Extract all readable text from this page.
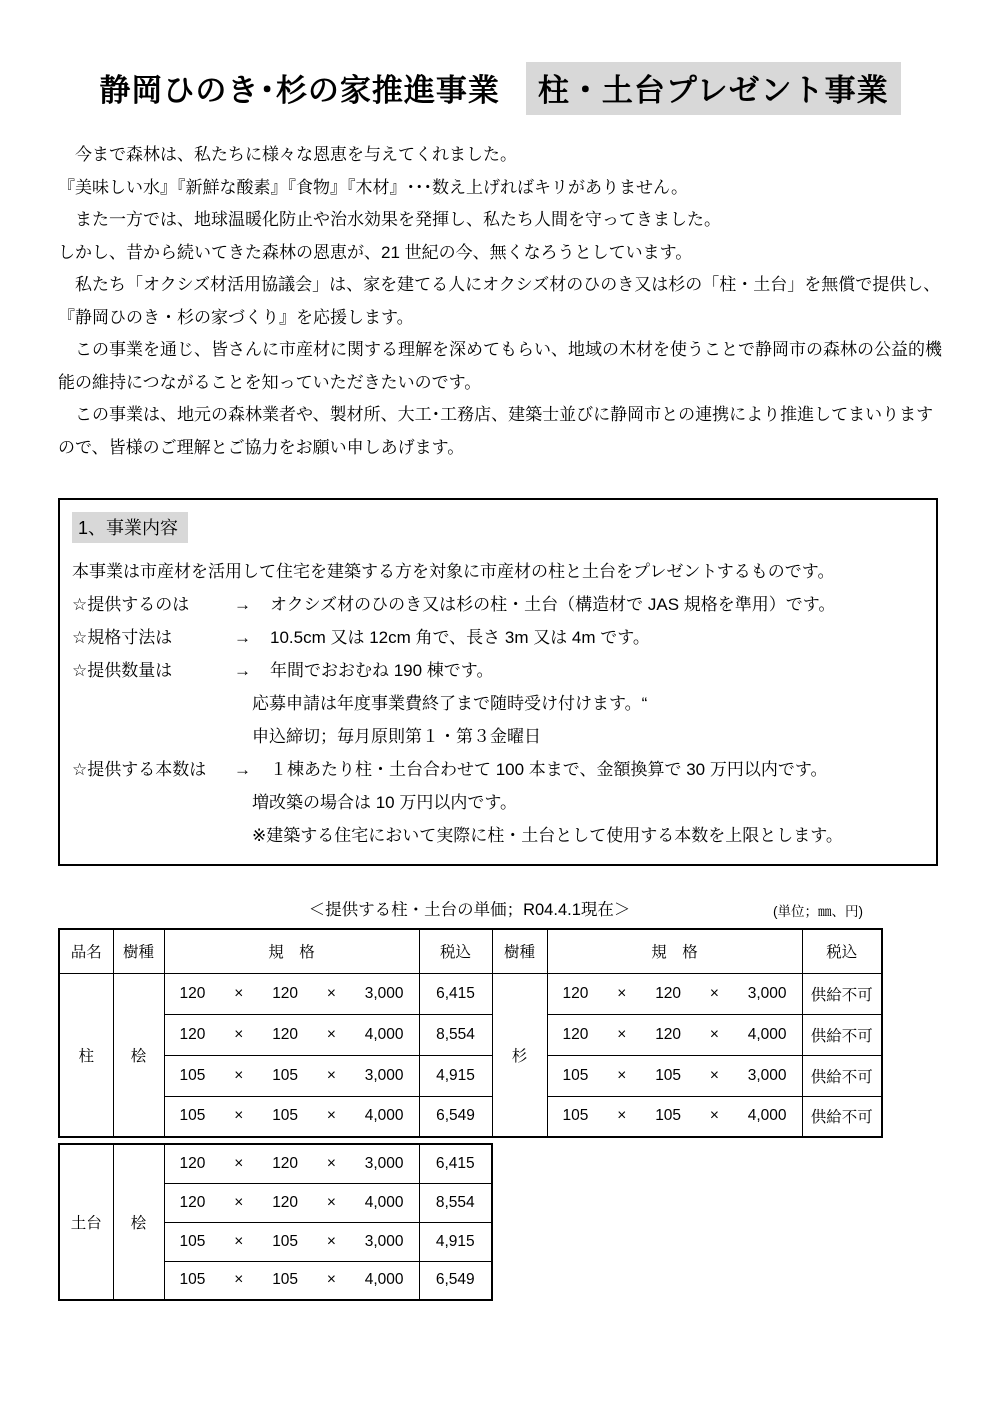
静岡ひのき･杉の家推進事業	柱・土台プレゼント事業

今まで森林は、私たちに様々な恩恵を与えてくれました。

『美味しい水』『新鮮な酸素』『食物』『木材』･･･数え上げればキリがありません。

また一方では、地球温暖化防止や治水効果を発揮し、私たち人間を守ってきました。

しかし、昔から続いてきた森林の恩恵が、21 世紀の今、無くなろうとしています。

私たち「オクシズ材活用協議会」は、家を建てる人にオクシズ材のひのき又は杉の「柱・土台」を無償で提供し、『静岡ひのき・杉の家づくり』を応援します。

この事業を通じ、皆さんに市産材に関する理解を深めてもらい、地域の木材を使うことで静岡市の森林の公益的機能の維持につながることを知っていただきたいのです。

この事業は、地元の森林業者や、製材所、大工･工務店、建築士並びに静岡市との連携により推進してまいりますので、皆様のご理解とご協力をお願い申しあげます。

1、事業内容
本事業は市産材を活用して住宅を建築する方を対象に市産材の柱と土台をプレゼントするものです。
☆提供するのは	→	オクシズ材のひのき又は杉の柱・土台（構造材で JAS 規格を準用）です。
☆規格寸法は	→	10.5cm 又は 12cm 角で、長さ 3m 又は 4m です。
☆提供数量は	→	年間でおおむね 190 棟です。
応募申請は年度事業費終了まで随時受け付けます。“
申込締切；毎月原則第１・第３金曜日
☆提供する本数は	→	１棟あたり柱・土台合わせて 100 本まで、金額換算で 30 万円以内です。
増改築の場合は 10 万円以内です。
※建築する住宅において実際に柱・土台として使用する本数を上限とします。
＜提供する柱・土台の単価；R04.4.1現在＞	(単位；㎜、円)
品名	樹種	規　格	税込	樹種	規　格	税込
柱	桧	120 × 120 × 3,000	6,415	杉	120 × 120 × 3,000	供給不可

		120 × 120 × 4,000	8,554		120 × 120 × 4,000	供給不可

		105 × 105 × 3,000	4,915		105 × 105 × 3,000	供給不可

		105 × 105 × 4,000	6,549		105 × 105 × 4,000	供給不可
土台	桧	120 × 120 × 3,000	6,415

		120 × 120 × 4,000	8,554

		105 × 105 × 3,000	4,915

		105 × 105 × 4,000	6,549
